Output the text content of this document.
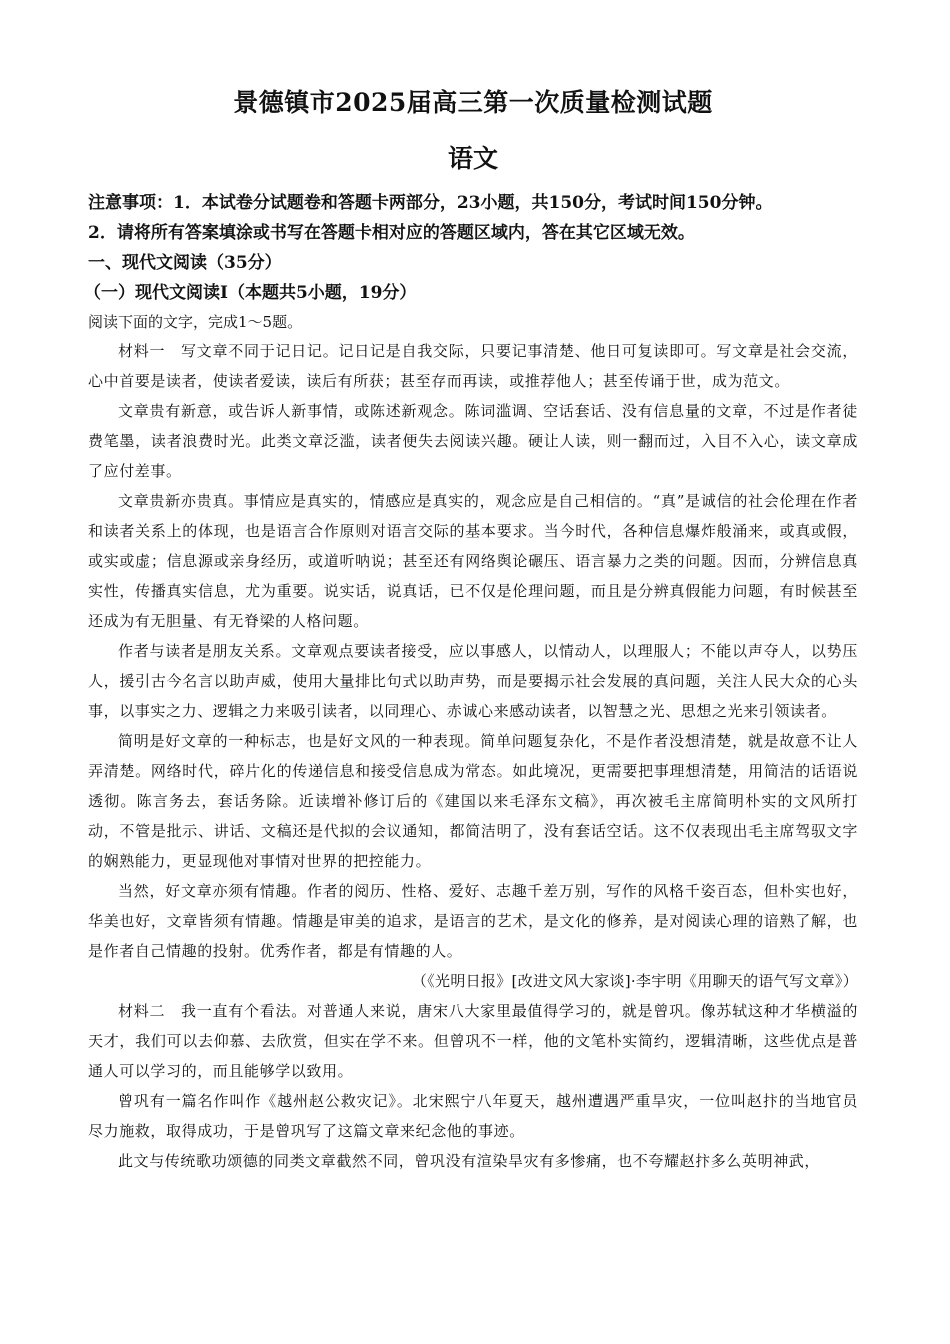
景德镇市2025届高三第一次质量检测试题
语文

注意事项：1．本试卷分试题卷和答题卡两部分，23小题，共150分，考试时间150分钟。

2．请将所有答案填涂或书写在答题卡相对应的答题区域内，答在其它区域无效。

一、现代文阅读（35分）

（一）现代文阅读Ⅰ（本题共5小题，19分）

阅读下面的文字，完成1～5题。

材料一　写文章不同于记日记。记日记是自我交际，只要记事清楚、他日可复读即可。写文章是社会交流，心中首要是读者，使读者爱读，读后有所获；甚至存而再读，或推荐他人；甚至传诵于世，成为范文。

文章贵有新意，或告诉人新事情，或陈述新观念。陈词滥调、空话套话、没有信息量的文章，不过是作者徒费笔墨，读者浪费时光。此类文章泛滥，读者便失去阅读兴趣。硬让人读，则一翻而过，入目不入心，读文章成了应付差事。

文章贵新亦贵真。事情应是真实的，情感应是真实的，观念应是自己相信的。“真”是诚信的社会伦理在作者和读者关系上的体现，也是语言合作原则对语言交际的基本要求。当今时代，各种信息爆炸般涌来，或真或假，或实或虚；信息源或亲身经历，或道听呐说；甚至还有网络舆论碾压、语言暴力之类的问题。因而，分辨信息真实性，传播真实信息，尤为重要。说实话，说真话，已不仅是伦理问题，而且是分辨真假能力问题，有时候甚至还成为有无胆量、有无脊梁的人格问题。

作者与读者是朋友关系。文章观点要读者接受，应以事感人，以情动人，以理服人；不能以声夺人，以势压人，援引古今名言以助声威，使用大量排比句式以助声势，而是要揭示社会发展的真问题，关注人民大众的心头事，以事实之力、逻辑之力来吸引读者，以同理心、赤诚心来感动读者，以智慧之光、思想之光来引领读者。

简明是好文章的一种标志，也是好文风的一种表现。简单问题复杂化，不是作者没想清楚，就是故意不让人弄清楚。网络时代，碎片化的传递信息和接受信息成为常态。如此境况，更需要把事理想清楚，用简洁的话语说透彻。陈言务去，套话务除。近读增补修订后的《建国以来毛泽东文稿》，再次被毛主席简明朴实的文风所打动，不管是批示、讲话、文稿还是代拟的会议通知，都简洁明了，没有套话空话。这不仅表现出毛主席驾驭文字的娴熟能力，更显现他对事情对世界的把控能力。

当然，好文章亦须有情趣。作者的阅历、性格、爱好、志趣千差万别，写作的风格千姿百态，但朴实也好，华美也好，文章皆须有情趣。情趣是审美的追求，是语言的艺术，是文化的修养，是对阅读心理的谙熟了解，也是作者自己情趣的投射。优秀作者，都是有情趣的人。

（《光明日报》[改进文风大家谈]·李宇明《用聊天的语气写文章》）

材料二　我一直有个看法。对普通人来说，唐宋八大家里最值得学习的，就是曾巩。像苏轼这种才华横溢的天才，我们可以去仰慕、去欣赏，但实在学不来。但曾巩不一样，他的文笔朴实简约，逻辑清晰，这些优点是普通人可以学习的，而且能够学以致用。

曾巩有一篇名作叫作《越州赵公救灾记》。北宋熙宁八年夏天，越州遭遇严重旱灾，一位叫赵抃的当地官员尽力施救，取得成功，于是曾巩写了这篇文章来纪念他的事迹。

此文与传统歌功颂德的同类文章截然不同，曾巩没有渲染旱灾有多惨痛，也不夸耀赵抃多么英明神武，
